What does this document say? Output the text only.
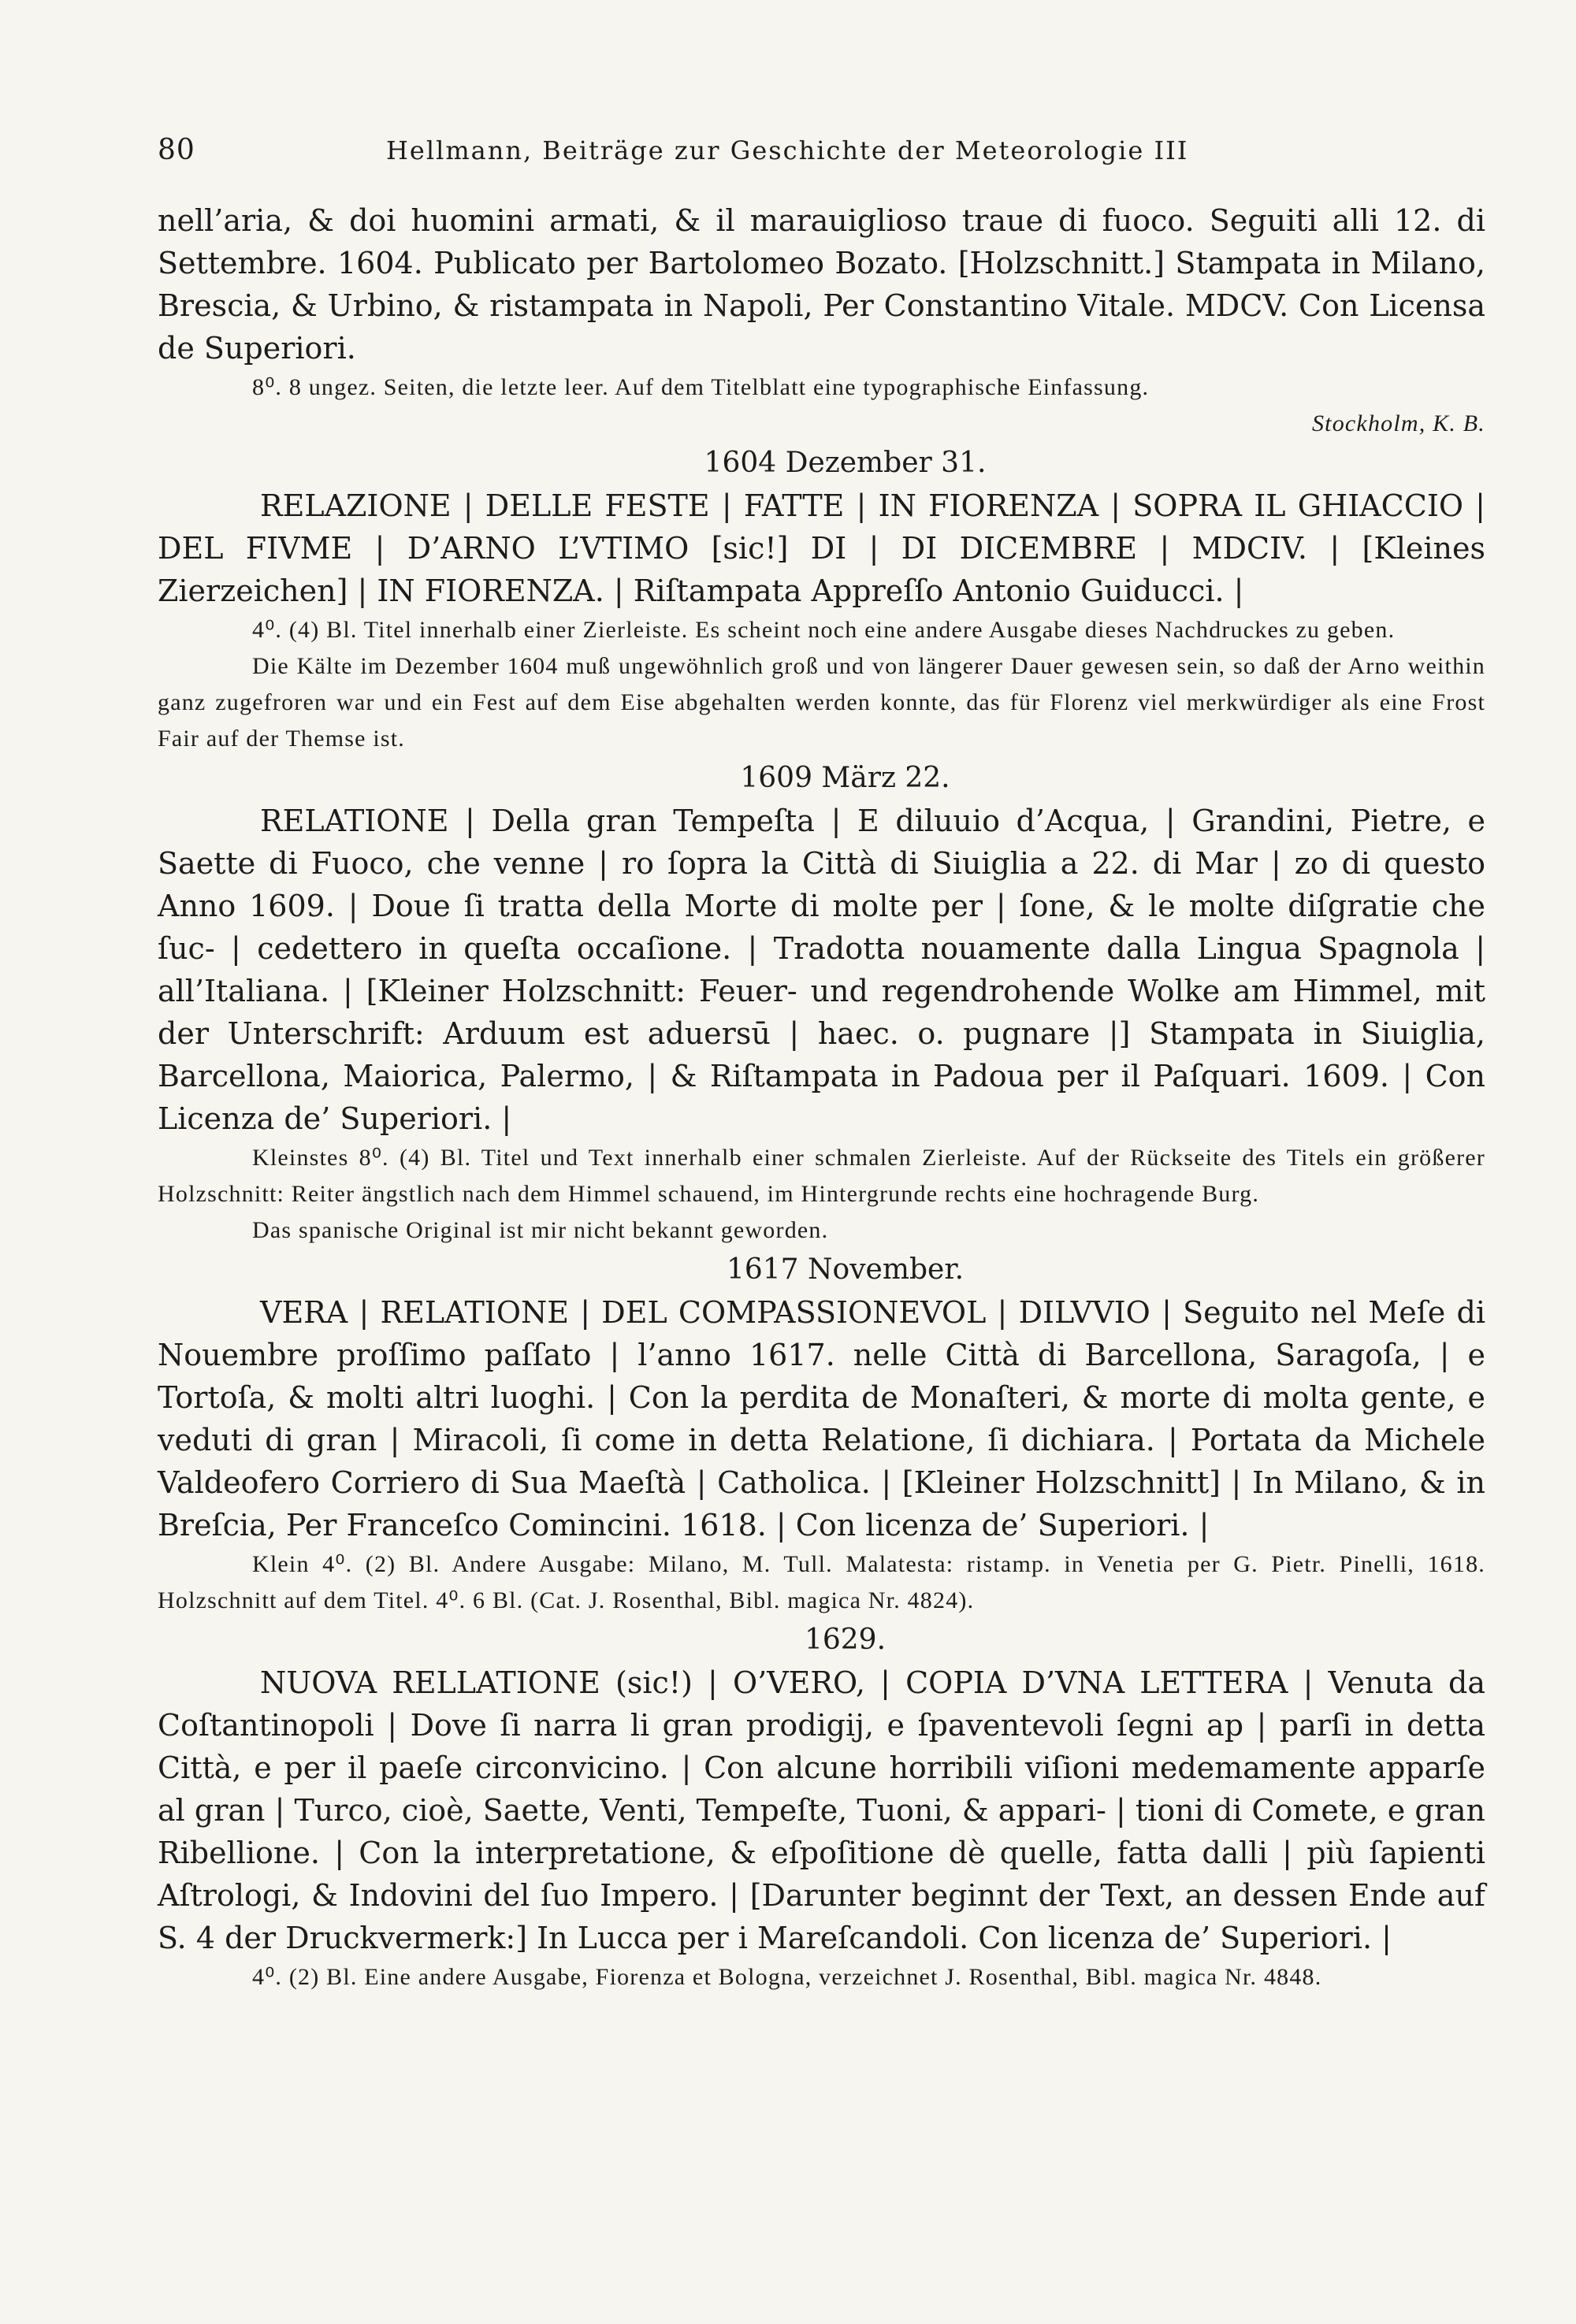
80	Hellmann, Beiträge zur Geschichte der Meteorologie III

nell’aria, & doi huomini armati, & il marauiglioso traue di fuoco. Seguiti alli 12. di Settembre. 1604. Publicato per Bartolomeo Bozato. [Holzschnitt.] Stampata in Milano, Brescia, & Urbino, & ristampata in Napoli, Per Constantino Vitale. MDCV. Con Licensa de Superiori.

8⁰. 8 ungez. Seiten, die letzte leer. Auf dem Titelblatt eine typographische Einfassung.

Stockholm, K. B.

1604 Dezember 31.

RELAZIONE | DELLE FESTE | FATTE | IN FIORENZA | SOPRA IL GHIACCIO | DEL FIVME | D’ARNO L’VTIMO [sic!] DI | DI DICEMBRE | MDCIV. | [Kleines Zierzeichen] | IN FIORENZA. | Riſtampata Appreſſo Antonio Guiducci. |

4⁰. (4) Bl. Titel innerhalb einer Zierleiste. Es scheint noch eine andere Ausgabe dieses Nachdruckes zu geben.

Die Kälte im Dezember 1604 muß ungewöhnlich groß und von längerer Dauer gewesen sein, so daß der Arno weithin ganz zugefroren war und ein Fest auf dem Eise abgehalten werden konnte, das für Florenz viel merkwürdiger als eine Frost Fair auf der Themse ist.

1609 März 22.

RELATIONE | Della gran Tempeſta | E diluuio d’Acqua, | Grandini, Pietre, e Saette di Fuoco, che venne | ro ſopra la Città di Siuiglia a 22. di Mar | zo di questo Anno 1609. | Doue ſi tratta della Morte di molte per | ſone, & le molte diſgratie che ſuc- | cedettero in queſta occaſione. | Tradotta nouamente dalla Lingua Spagnola | all’Italiana. | [Kleiner Holzschnitt: Feuer- und regendrohende Wolke am Himmel, mit der Unterschrift: Arduum est aduersū | haec. o. pugnare |] Stampata in Siuiglia, Barcellona, Maiorica, Palermo, | & Riſtampata in Padoua per il Paſquari. 1609. | Con Licenza de’ Superiori. |

Kleinstes 8⁰. (4) Bl. Titel und Text innerhalb einer schmalen Zierleiste. Auf der Rückseite des Titels ein größerer Holzschnitt: Reiter ängstlich nach dem Himmel schauend, im Hintergrunde rechts eine hochragende Burg.

Das spanische Original ist mir nicht bekannt geworden.

1617 November.

VERA | RELATIONE | DEL COMPASSIONEVOL | DILVVIO | Seguito nel Meſe di Nouembre proſſimo paſſato | l’anno 1617. nelle Città di Barcellona, Saragoſa, | e Tortoſa, & molti altri luoghi. | Con la perdita de Monaſteri, & morte di molta gente, e veduti di gran | Miracoli, ſi come in detta Relatione, ſi dichiara. | Portata da Michele Valdeofero Corriero di Sua Maeſtà | Catholica. | [Kleiner Holzschnitt] | In Milano, & in Breſcia, Per Franceſco Comincini. 1618. | Con licenza de’ Superiori. |

Klein 4⁰. (2) Bl. Andere Ausgabe: Milano, M. Tull. Malatesta: ristamp. in Venetia per G. Pietr. Pinelli, 1618. Holzschnitt auf dem Titel. 4⁰. 6 Bl. (Cat. J. Rosenthal, Bibl. magica Nr. 4824).

1629.

NUOVA RELLATIONE (sic!) | O’VERO, | COPIA D’VNA LETTERA | Venuta da Coſtantinopoli | Dove ſi narra li gran prodigij, e ſpaventevoli ſegni ap | parſi in detta Città, e per il paeſe circonvicino. | Con alcune horribili viſioni medemamente apparſe al gran | Turco, cioè, Saette, Venti, Tempeſte, Tuoni, & appari- | tioni di Comete, e gran Ribellione. | Con la interpretatione, & eſpoſitione dè quelle, fatta dalli | più ſapienti Aſtrologi, & Indovini del ſuo Impero. | [Darunter beginnt der Text, an dessen Ende auf S. 4 der Druckvermerk:] In Lucca per i Mareſcandoli. Con licenza de’ Superiori. |

4⁰. (2) Bl. Eine andere Ausgabe, Fiorenza et Bologna, verzeichnet J. Rosenthal, Bibl. magica Nr. 4848.
